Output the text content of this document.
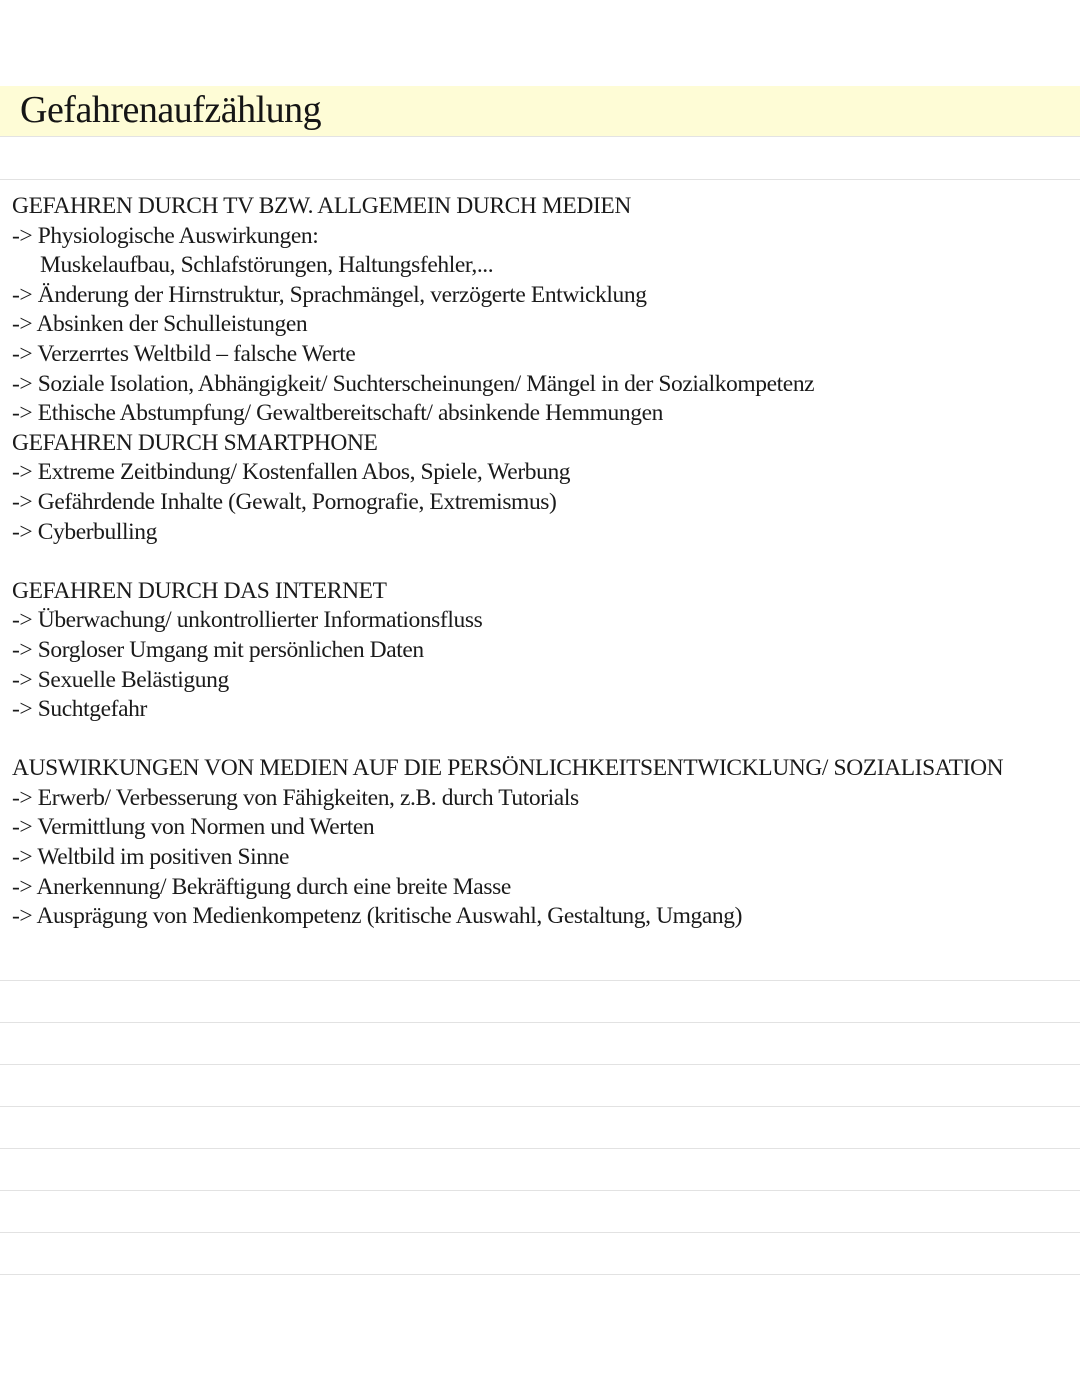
Gefahrenaufzählung
GEFAHREN DURCH TV BZW. ALLGEMEIN DURCH MEDIEN
-> Physiologische Auswirkungen:
Muskelaufbau, Schlafstörungen, Haltungsfehler,...
-> Änderung der Hirnstruktur, Sprachmängel, verzögerte Entwicklung
-> Absinken der Schulleistungen
-> Verzerrtes Weltbild – falsche Werte
-> Soziale Isolation, Abhängigkeit/ Suchterscheinungen/ Mängel in der Sozialkompetenz
-> Ethische Abstumpfung/ Gewaltbereitschaft/ absinkende Hemmungen
GEFAHREN DURCH SMARTPHONE
-> Extreme Zeitbindung/ Kostenfallen Abos, Spiele, Werbung
-> Gefährdende Inhalte (Gewalt, Pornografie, Extremismus)
-> Cyberbulling
GEFAHREN DURCH DAS INTERNET
-> Überwachung/ unkontrollierter Informationsfluss
-> Sorgloser Umgang mit persönlichen Daten
-> Sexuelle Belästigung
-> Suchtgefahr
AUSWIRKUNGEN VON MEDIEN AUF DIE PERSÖNLICHKEITSENTWICKLUNG/ SOZIALISATION
-> Erwerb/ Verbesserung von Fähigkeiten, z.B. durch Tutorials
-> Vermittlung von Normen und Werten
-> Weltbild im positiven Sinne
-> Anerkennung/ Bekräftigung durch eine breite Masse
-> Ausprägung von Medienkompetenz (kritische Auswahl, Gestaltung, Umgang)
